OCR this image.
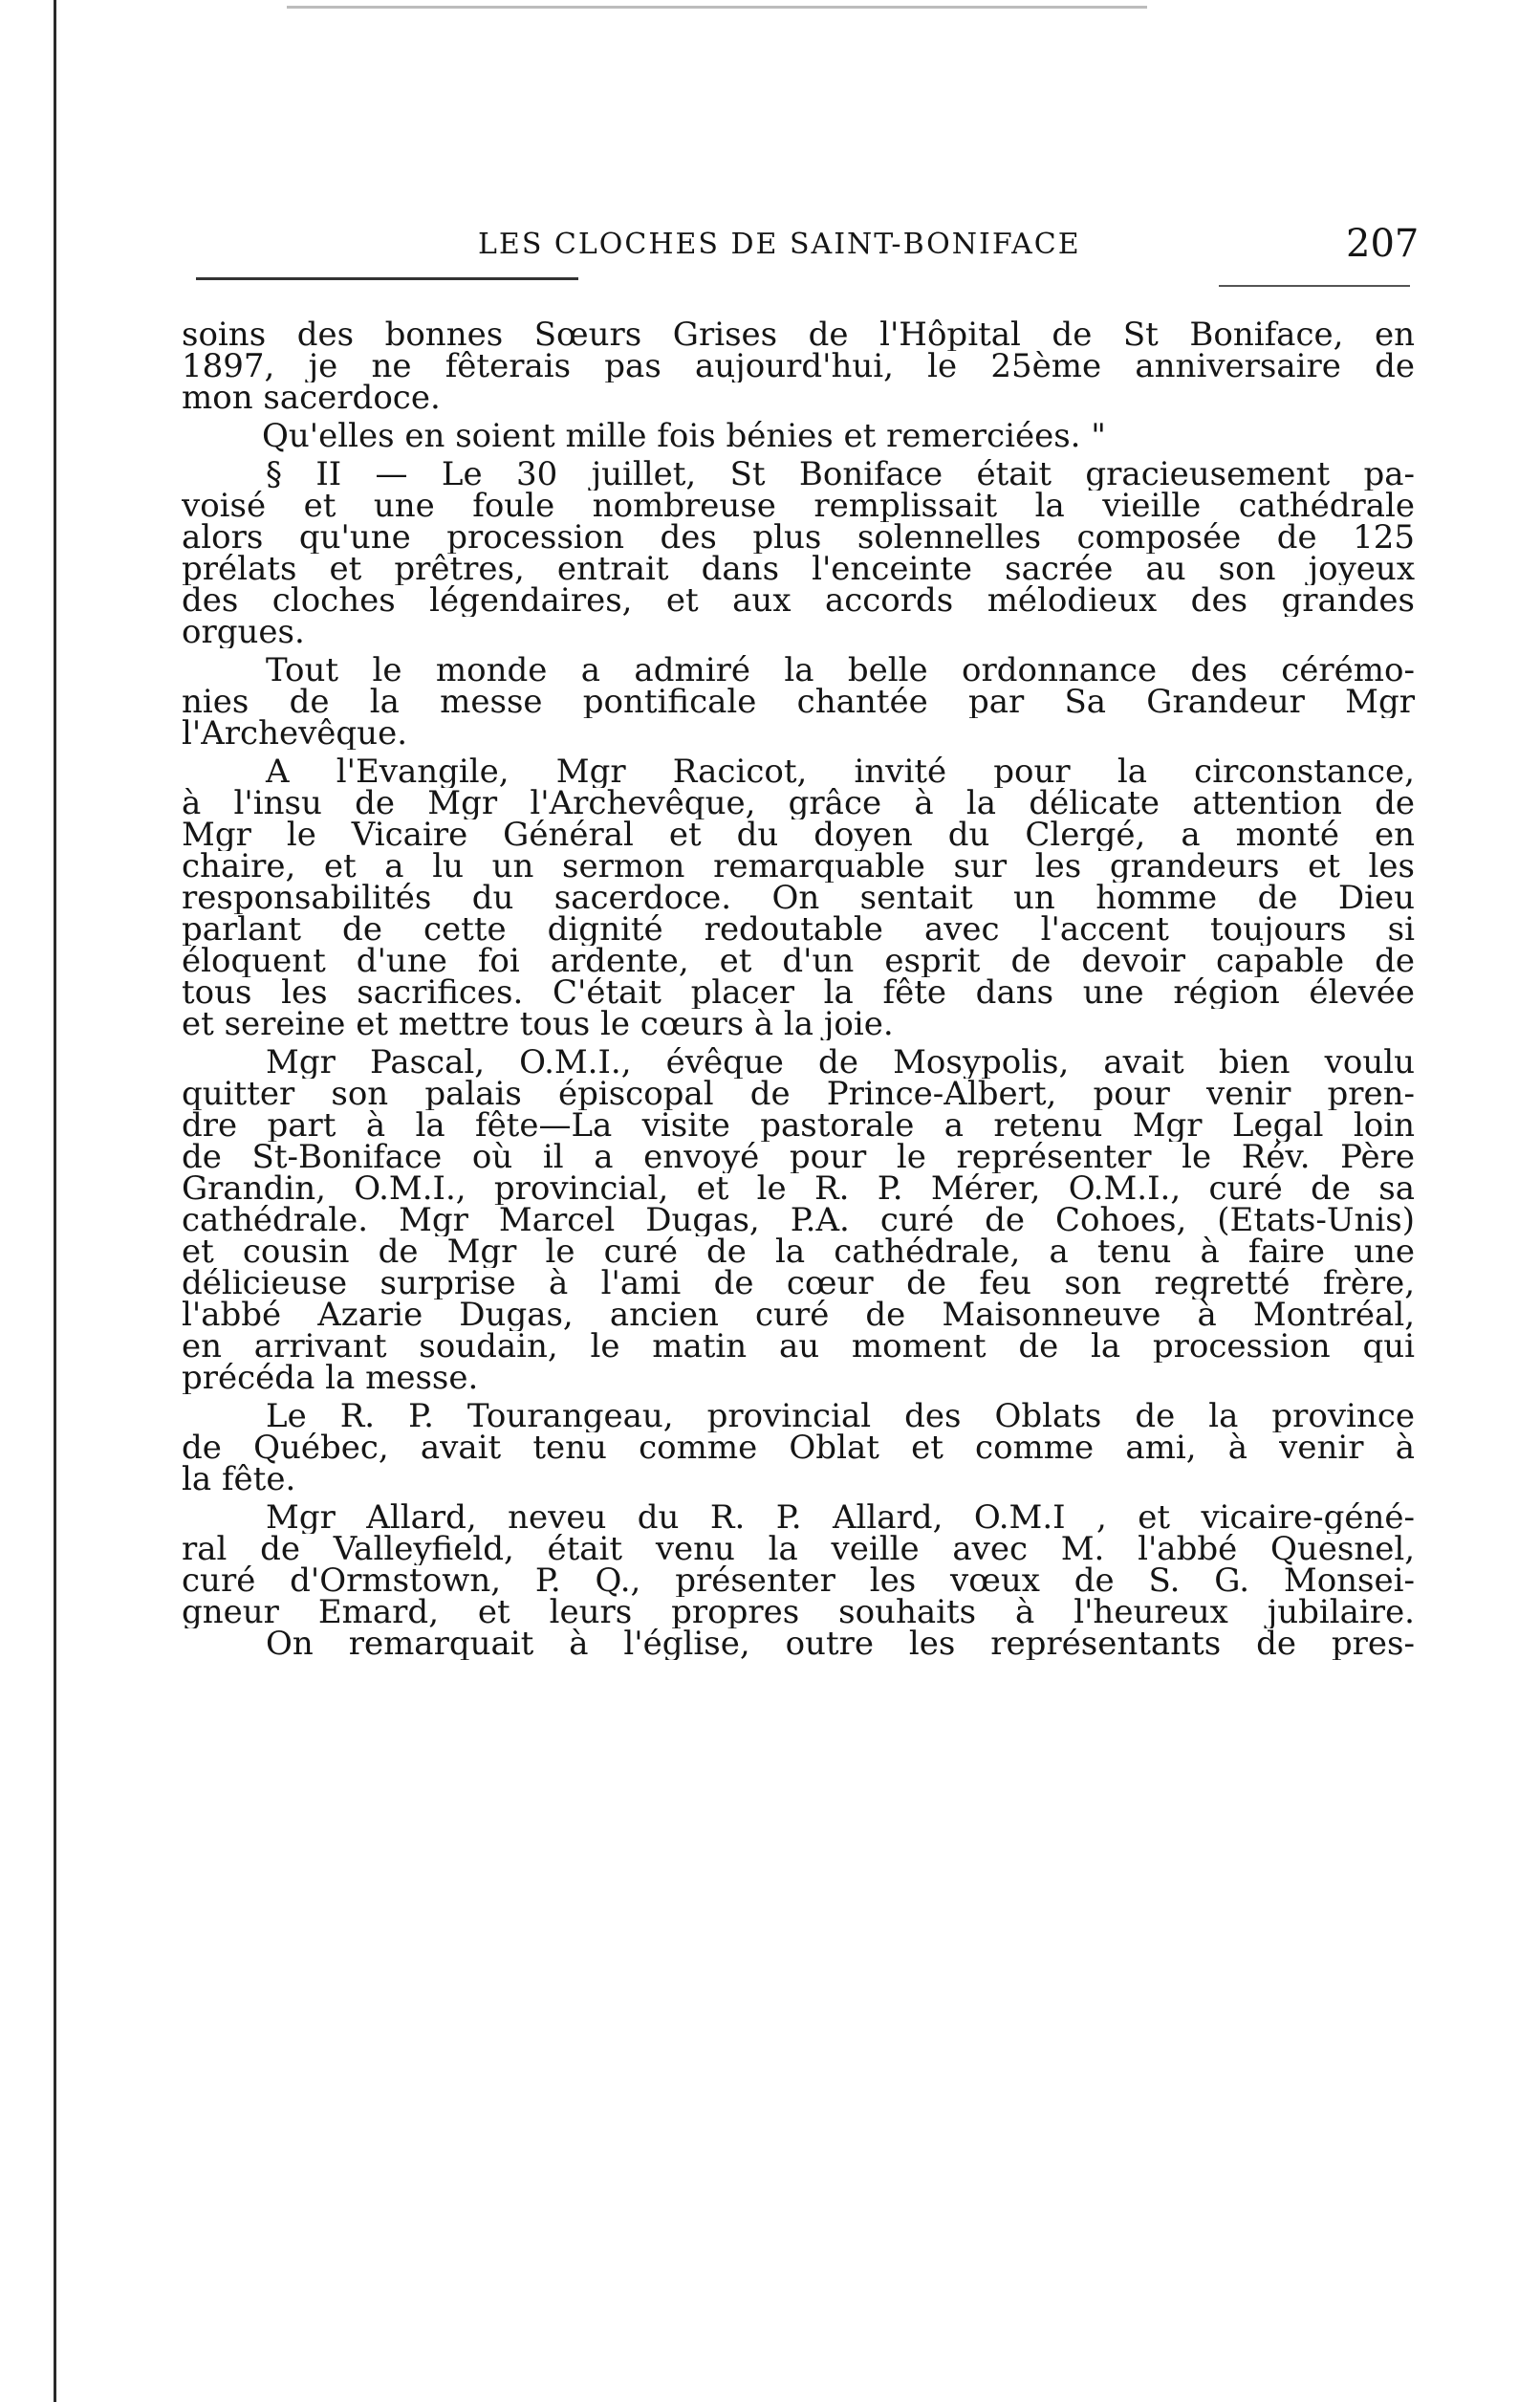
LES CLOCHES DE SAINT-BONIFACE	207
soins des bonnes Sœurs Grises de l'Hôpital de St Boniface, en
1897, je ne fêterais pas aujourd'hui, le 25ème anniversaire de
mon sacerdoce.
Qu'elles en soient mille fois bénies et remerciées. "
§ II — Le 30 juillet, St Boniface était gracieusement pa-
voisé et une foule nombreuse remplissait la vieille cathédrale
alors qu'une procession des plus solennelles composée de 125
prélats et prêtres, entrait dans l'enceinte sacrée au son joyeux
des cloches légendaires, et aux accords mélodieux des grandes
orgues.
Tout le monde a admiré la belle ordonnance des cérémo-
nies de la messe pontificale chantée par Sa Grandeur Mgr
l'Archevêque.
A l'Evangile, Mgr Racicot, invité pour la circonstance,
à l'insu de Mgr l'Archevêque, grâce à la délicate attention de
Mgr le Vicaire Général et du doyen du Clergé, a monté en
chaire, et a lu un sermon remarquable sur les grandeurs et les
responsabilités du sacerdoce. On sentait un homme de Dieu
parlant de cette dignité redoutable avec l'accent toujours si
éloquent d'une foi ardente, et d'un esprit de devoir capable de
tous les sacrifices. C'était placer la fête dans une région élevée
et sereine et mettre tous le cœurs à la joie.
Mgr Pascal, O.M.I., évêque de Mosypolis, avait bien voulu
quitter son palais épiscopal de Prince-Albert, pour venir pren-
dre part à la fête—La visite pastorale a retenu Mgr Legal loin
de St-Boniface où il a envoyé pour le représenter le Rév. Père
Grandin, O.M.I., provincial, et le R. P. Mérer, O.M.I., curé de sa
cathédrale. Mgr Marcel Dugas, P.A. curé de Cohoes, (Etats-Unis)
et cousin de Mgr le curé de la cathédrale, a tenu à faire une
délicieuse surprise à l'ami de cœur de feu son regretté frère,
l'abbé Azarie Dugas, ancien curé de Maisonneuve à Montréal,
en arrivant soudain, le matin au moment de la procession qui
précéda la messe.
Le R. P. Tourangeau, provincial des Oblats de la province
de Québec, avait tenu comme Oblat et comme ami, à venir à
la fête.
Mgr Allard, neveu du R. P. Allard, O.M.I , et vicaire-géné-
ral de Valleyfield, était venu la veille avec M. l'abbé Quesnel,
curé d'Ormstown, P. Q., présenter les vœux de S. G. Monsei-
gneur Emard, et leurs propres souhaits à l'heureux jubilaire.
On remarquait à l'église, outre les représentants de pres-
